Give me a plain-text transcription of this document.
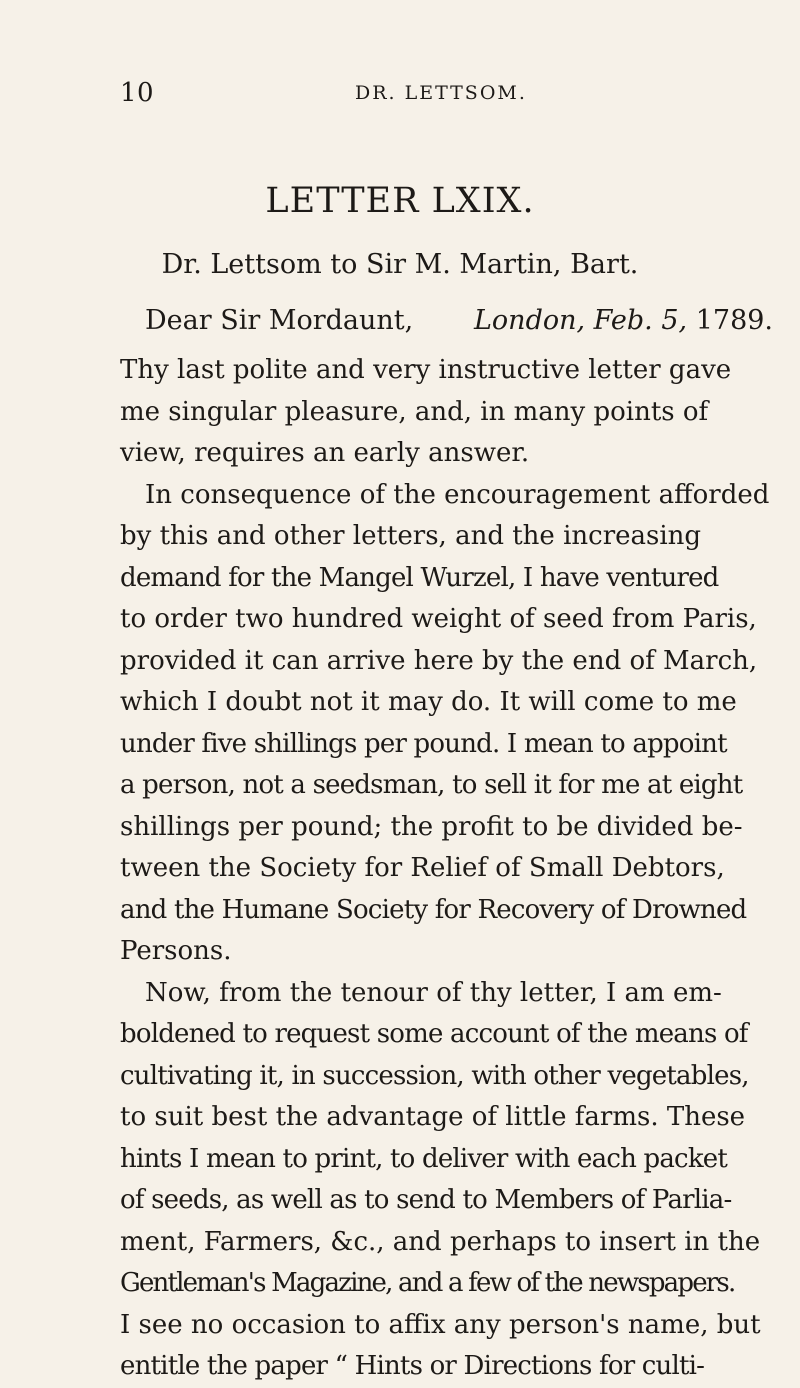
10	DR. LETTSOM.
LETTER LXIX.
Dr. Lettsom to Sir M. Martin, Bart.
Dear Sir Mordaunt, London, Feb. 5, 1789.
Thy last polite and very instructive letter gave
me singular pleasure, and, in many points of
view, requires an early answer.
In consequence of the encouragement afforded
by this and other letters, and the increasing
demand for the Mangel Wurzel, I have ventured
to order two hundred weight of seed from Paris,
provided it can arrive here by the end of March,
which I doubt not it may do. It will come to me
under five shillings per pound. I mean to appoint
a person, not a seedsman, to sell it for me at eight
shillings per pound; the profit to be divided be-
tween the Society for Relief of Small Debtors,
and the Humane Society for Recovery of Drowned
Persons.
Now, from the tenour of thy letter, I am em-
boldened to request some account of the means of
cultivating it, in succession, with other vegetables,
to suit best the advantage of little farms. These
hints I mean to print, to deliver with each packet
of seeds, as well as to send to Members of Parlia-
ment, Farmers, &c., and perhaps to insert in the
Gentleman's Magazine, and a few of the newspapers.
I see no occasion to affix any person's name, but
entitle the paper “ Hints or Directions for culti-
